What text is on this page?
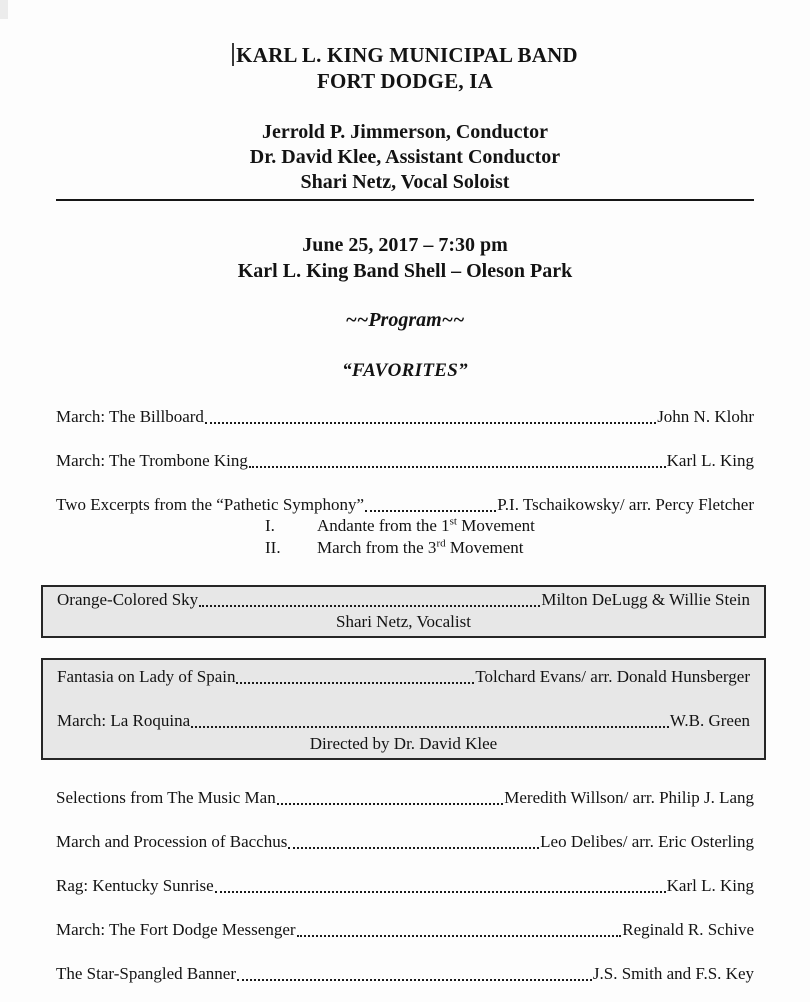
KARL L. KING MUNICIPAL BAND
FORT DODGE, IA
Jerrold P. Jimmerson, Conductor
Dr. David Klee, Assistant Conductor
Shari Netz, Vocal Soloist
June 25, 2017 – 7:30 pm
Karl L. King Band Shell – Oleson Park
~~Program~~
“FAVORITES”
March: The Billboard	John N. Klohr
March: The Trombone King	Karl L. King
Two Excerpts from the “Pathetic Symphony”	P.I. Tschaikowsky/ arr. Percy Fletcher
I.	Andante from the 1st Movement
II.	March from the 3rd Movement
Orange-Colored Sky	Milton DeLugg & Willie Stein
Shari Netz, Vocalist
Fantasia on Lady of Spain	Tolchard Evans/ arr. Donald Hunsberger
March: La Roquina	W.B. Green
Directed by Dr. David Klee
Selections from The Music Man	Meredith Willson/ arr. Philip J. Lang
March and Procession of Bacchus	Leo Delibes/ arr. Eric Osterling
Rag: Kentucky Sunrise	Karl L. King
March: The Fort Dodge Messenger	Reginald R. Schive
The Star-Spangled Banner	J.S. Smith and F.S. Key
